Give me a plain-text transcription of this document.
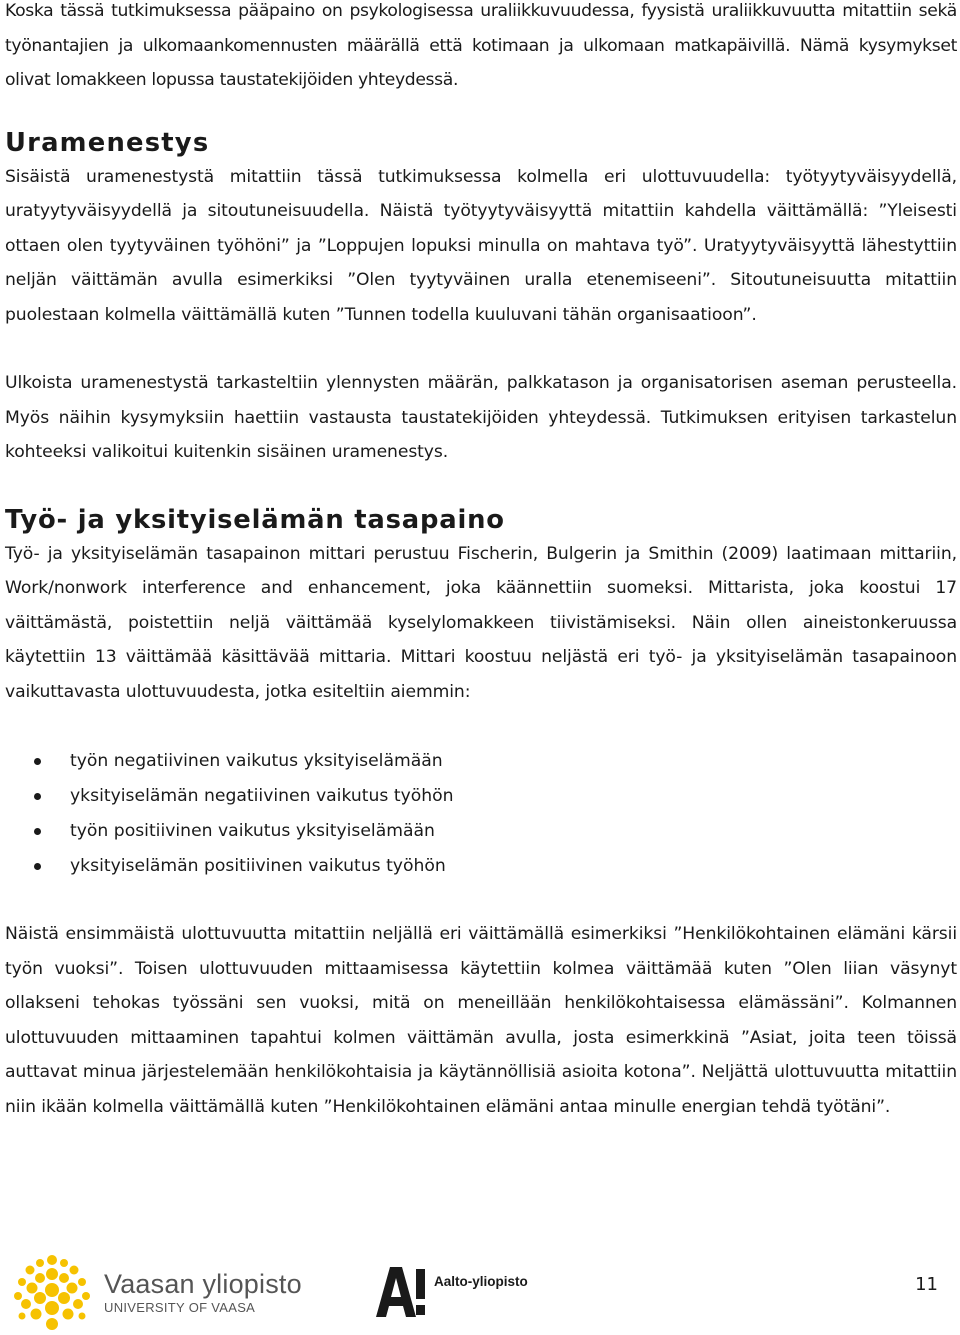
Koska tässä tutkimuksessa pääpaino on psykologisessa uraliikkuvuudessa, fyysistä uraliikkuvuutta mitattiin sekä työnantajien ja ulkomaankomennusten määrällä että kotimaan ja ulkomaan matkapäivillä. Nämä kysymykset olivat lomakkeen lopussa taustatekijöiden yhteydessä.

Uramenestys

Sisäistä uramenestystä mitattiin tässä tutkimuksessa kolmella eri ulottuvuudella: työtyytyväisyydellä, uratyytyväisyydellä ja sitoutuneisuudella. Näistä työtyytyväisyyttä mitattiin kahdella väittämällä: ”Yleisesti ottaen olen tyytyväinen työhöni” ja ”Loppujen lopuksi minulla on mahtava työ”. Uratyytyväisyyttä lähestyttiin neljän väittämän avulla esimerkiksi ”Olen tyytyväinen uralla etenemiseeni”. Sitoutuneisuutta mitattiin puolestaan kolmella väittämällä kuten ”Tunnen todella kuuluvani tähän organisaatioon”.

Ulkoista uramenestystä tarkasteltiin ylennysten määrän, palkkatason ja organisatorisen aseman perusteella. Myös näihin kysymyksiin haettiin vastausta taustatekijöiden yhteydessä. Tutkimuksen erityisen tarkastelun kohteeksi valikoitui kuitenkin sisäinen uramenestys.

Työ- ja yksityiselämän tasapaino

Työ- ja yksityiselämän tasapainon mittari perustuu Fischerin, Bulgerin ja Smithin (2009) laatimaan mittariin, Work/nonwork interference and enhancement, joka käännettiin suomeksi. Mittarista, joka koostui 17 väittämästä, poistettiin neljä väittämää kyselylomakkeen tiivistämiseksi. Näin ollen aineistonkeruussa käytettiin 13 väittämää käsittävää mittaria. Mittari koostuu neljästä eri työ- ja yksityiselämän tasapainoon vaikuttavasta ulottuvuudesta, jotka esiteltiin aiemmin:

työn negatiivinen vaikutus yksityiselämään
yksityiselämän negatiivinen vaikutus työhön
työn positiivinen vaikutus yksityiselämään
yksityiselämän positiivinen vaikutus työhön

Näistä ensimmäistä ulottuvuutta mitattiin neljällä eri väittämällä esimerkiksi ”Henkilökohtainen elämäni kärsii työn vuoksi”. Toisen ulottuvuuden mittaamisessa käytettiin kolmea väittämää kuten ”Olen liian väsynyt ollakseni tehokas työssäni sen vuoksi, mitä on meneillään henkilökohtaisessa elämässäni”. Kolmannen ulottuvuuden mittaaminen tapahtui kolmen väittämän avulla, josta esimerkkinä ”Asiat, joita teen töissä auttavat minua järjestelemään henkilökohtaisia ja käytännöllisiä asioita kotona”. Neljättä ulottuvuutta mitattiin niin ikään kolmella väittämällä kuten ”Henkilökohtainen elämäni antaa minulle energian tehdä työtäni”.

Vaasan yliopisto
UNIVERSITY OF VAASA
Aalto-yliopisto	11
